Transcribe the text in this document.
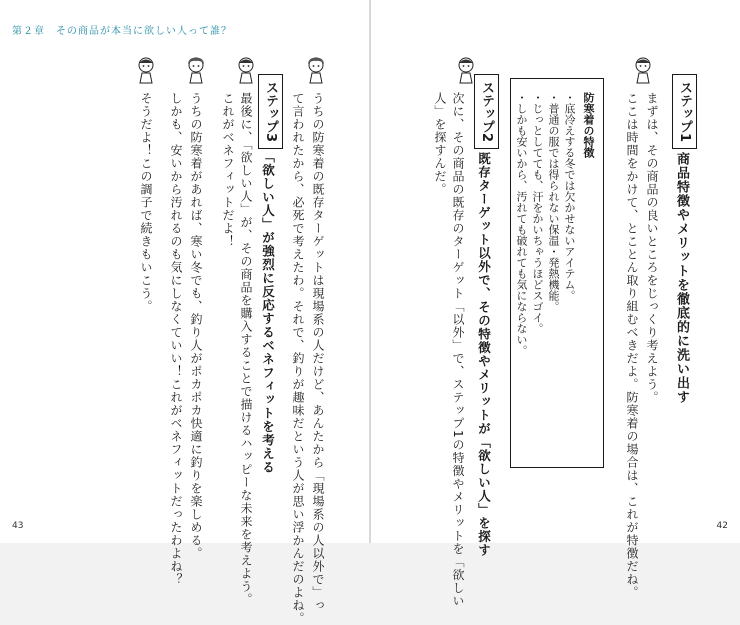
第２章　その商品が本当に欲しい人って誰？
43	42
ステップ1
商品特徴やメリットを徹底的に洗い出す
まずは、その商品の良いところをじっくり考えよう。
ここは時間をかけて、とことん取り組むべきだよ。防寒着の場合は、これが特徴だね。
防寒着の特徴
・底冷えする冬では欠かせないアイテム。
・普通の服では得られない保温・発熱機能。
・じっとしてても、汗をかいちゃうほどスゴイ。
・しかも安いから、汚れても破れても気にならない。
ステップ2
既存ターゲット以外で、その特徴やメリットが「欲しい人」を探す
次に、その商品の既存のターゲット「以外」で、ステップ1の特徴やメリットを「欲しい
人」を探すんだ。
うちの防寒着の既存ターゲットは現場系の人だけど、あんたから「現場系の人以外で」っ
て言われたから、必死で考えたわ。それで、釣りが趣味だという人が思い浮かんだのよね。
ステップ3
「欲しい人」が強烈に反応するベネフィットを考える
最後に、「欲しい人」が、その商品を購入することで描けるハッピーな未来を考えよう。
これがベネフィットだよ！
うちの防寒着があれば、寒い冬でも、釣り人がポカポカ快適に釣りを楽しめる。
しかも、安いから汚れるのも気にしなくていい！これがベネフィットだったわよね？
そうだよ！この調子で続きもいこう。
